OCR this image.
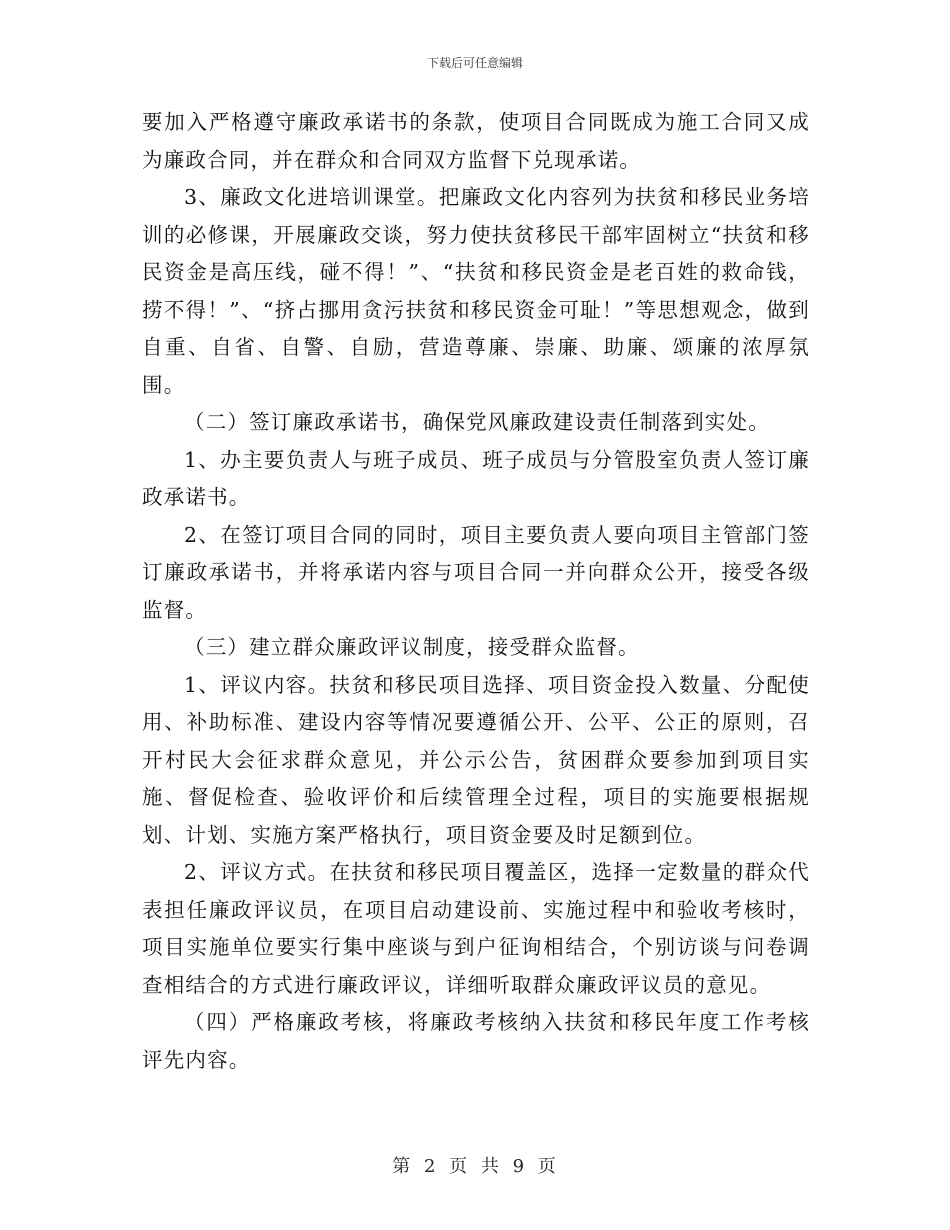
下载后可任意编辑

要加入严格遵守廉政承诺书的条款，使项目合同既成为施工合同又成为廉政合同，并在群众和合同双方监督下兑现承诺。

3、廉政文化进培训课堂。把廉政文化内容列为扶贫和移民业务培训的必修课，开展廉政交谈，努力使扶贫移民干部牢固树立“扶贫和移民资金是高压线，碰不得！”、“扶贫和移民资金是老百姓的救命钱，捞不得！”、“挤占挪用贪污扶贫和移民资金可耻！”等思想观念，做到自重、自省、自警、自励，营造尊廉、崇廉、助廉、颂廉的浓厚氛围。

（二）签订廉政承诺书，确保党风廉政建设责任制落到实处。

1、办主要负责人与班子成员、班子成员与分管股室负责人签订廉政承诺书。

2、在签订项目合同的同时，项目主要负责人要向项目主管部门签订廉政承诺书，并将承诺内容与项目合同一并向群众公开，接受各级监督。

（三）建立群众廉政评议制度，接受群众监督。

1、评议内容。扶贫和移民项目选择、项目资金投入数量、分配使用、补助标准、建设内容等情况要遵循公开、公平、公正的原则，召开村民大会征求群众意见，并公示公告，贫困群众要参加到项目实施、督促检查、验收评价和后续管理全过程，项目的实施要根据规划、计划、实施方案严格执行，项目资金要及时足额到位。

2、评议方式。在扶贫和移民项目覆盖区，选择一定数量的群众代表担任廉政评议员，在项目启动建设前、实施过程中和验收考核时，项目实施单位要实行集中座谈与到户征询相结合，个别访谈与问卷调查相结合的方式进行廉政评议，详细听取群众廉政评议员的意见。

（四）严格廉政考核，将廉政考核纳入扶贫和移民年度工作考核评先内容。

第 2 页 共 9 页
